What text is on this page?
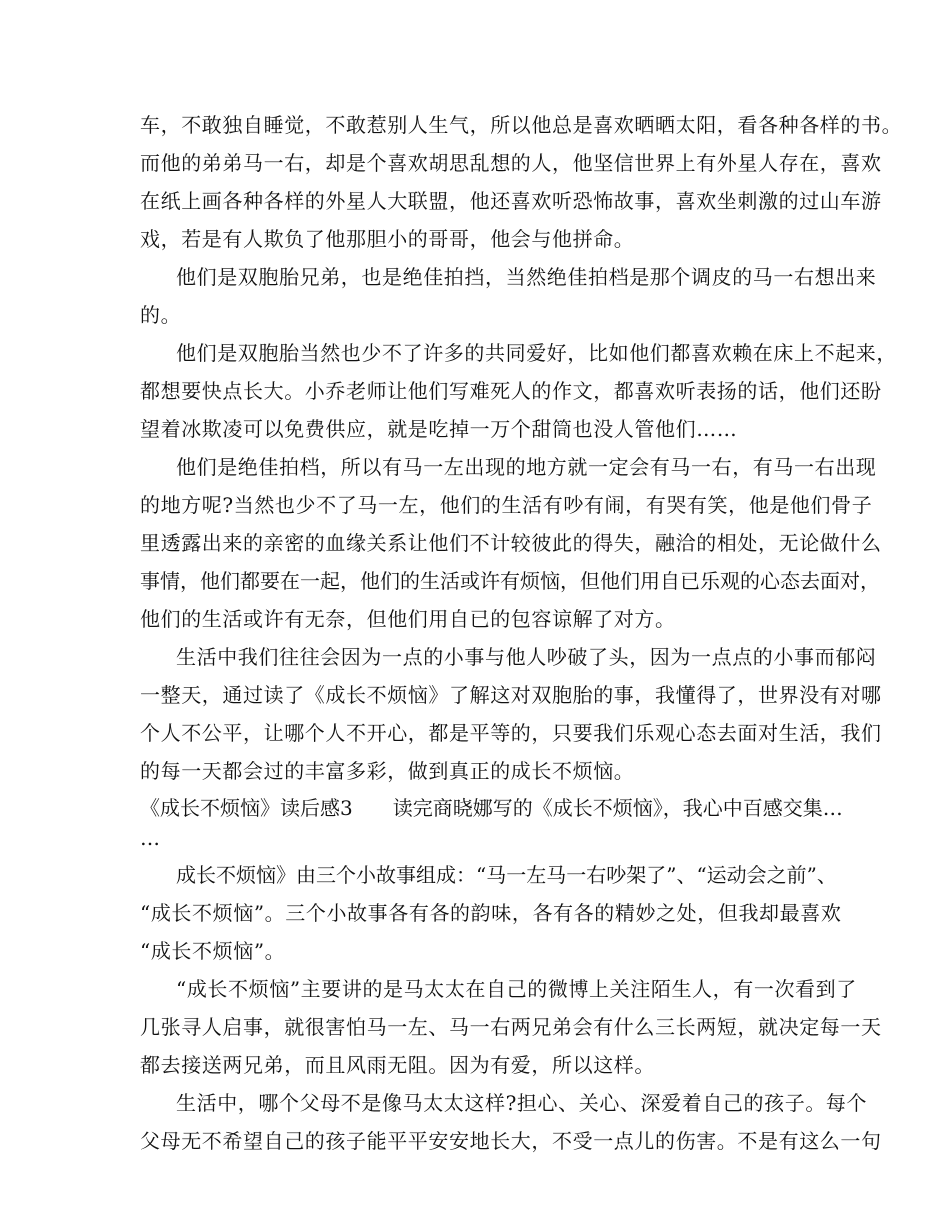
车，不敢独自睡觉，不敢惹别人生气，所以他总是喜欢晒晒太阳，看各种各样的书。
而他的弟弟马一右，却是个喜欢胡思乱想的人，他坚信世界上有外星人存在，喜欢
在纸上画各种各样的外星人大联盟，他还喜欢听恐怖故事，喜欢坐刺激的过山车游
戏，若是有人欺负了他那胆小的哥哥，他会与他拼命。
他们是双胞胎兄弟，也是绝佳拍挡，当然绝佳拍档是那个调皮的马一右想出来
的。
他们是双胞胎当然也少不了许多的共同爱好，比如他们都喜欢赖在床上不起来，
都想要快点长大。小乔老师让他们写难死人的作文，都喜欢听表扬的话，他们还盼
望着冰欺凌可以免费供应，就是吃掉一万个甜筒也没人管他们……
他们是绝佳拍档，所以有马一左出现的地方就一定会有马一右，有马一右出现
的地方呢?当然也少不了马一左，他们的生活有吵有闹，有哭有笑，他是他们骨子
里透露出来的亲密的血缘关系让他们不计较彼此的得失，融洽的相处，无论做什么
事情，他们都要在一起，他们的生活或许有烦恼，但他们用自已乐观的心态去面对，
他们的生活或许有无奈，但他们用自已的包容谅解了对方。
生活中我们往往会因为一点的小事与他人吵破了头，因为一点点的小事而郁闷
一整天，通过读了《成长不烦恼》了解这对双胞胎的事，我懂得了，世界没有对哪
个人不公平，让哪个人不开心，都是平等的，只要我们乐观心态去面对生活，我们
的每一天都会过的丰富多彩，做到真正的成长不烦恼。
《成长不烦恼》读后感3　　读完商晓娜写的《成长不烦恼》，我心中百感交集…
…
成长不烦恼》由三个小故事组成：“马一左马一右吵架了”、“运动会之前”、
“成长不烦恼”。三个小故事各有各的韵味，各有各的精妙之处，但我却最喜欢
“成长不烦恼”。
“成长不烦恼”主要讲的是马太太在自己的微博上关注陌生人，有一次看到了
几张寻人启事，就很害怕马一左、马一右两兄弟会有什么三长两短，就决定每一天
都去接送两兄弟，而且风雨无阻。因为有爱，所以这样。
生活中，哪个父母不是像马太太这样?担心、关心、深爱着自己的孩子。每个
父母无不希望自己的孩子能平平安安地长大，不受一点儿的伤害。不是有这么一句
